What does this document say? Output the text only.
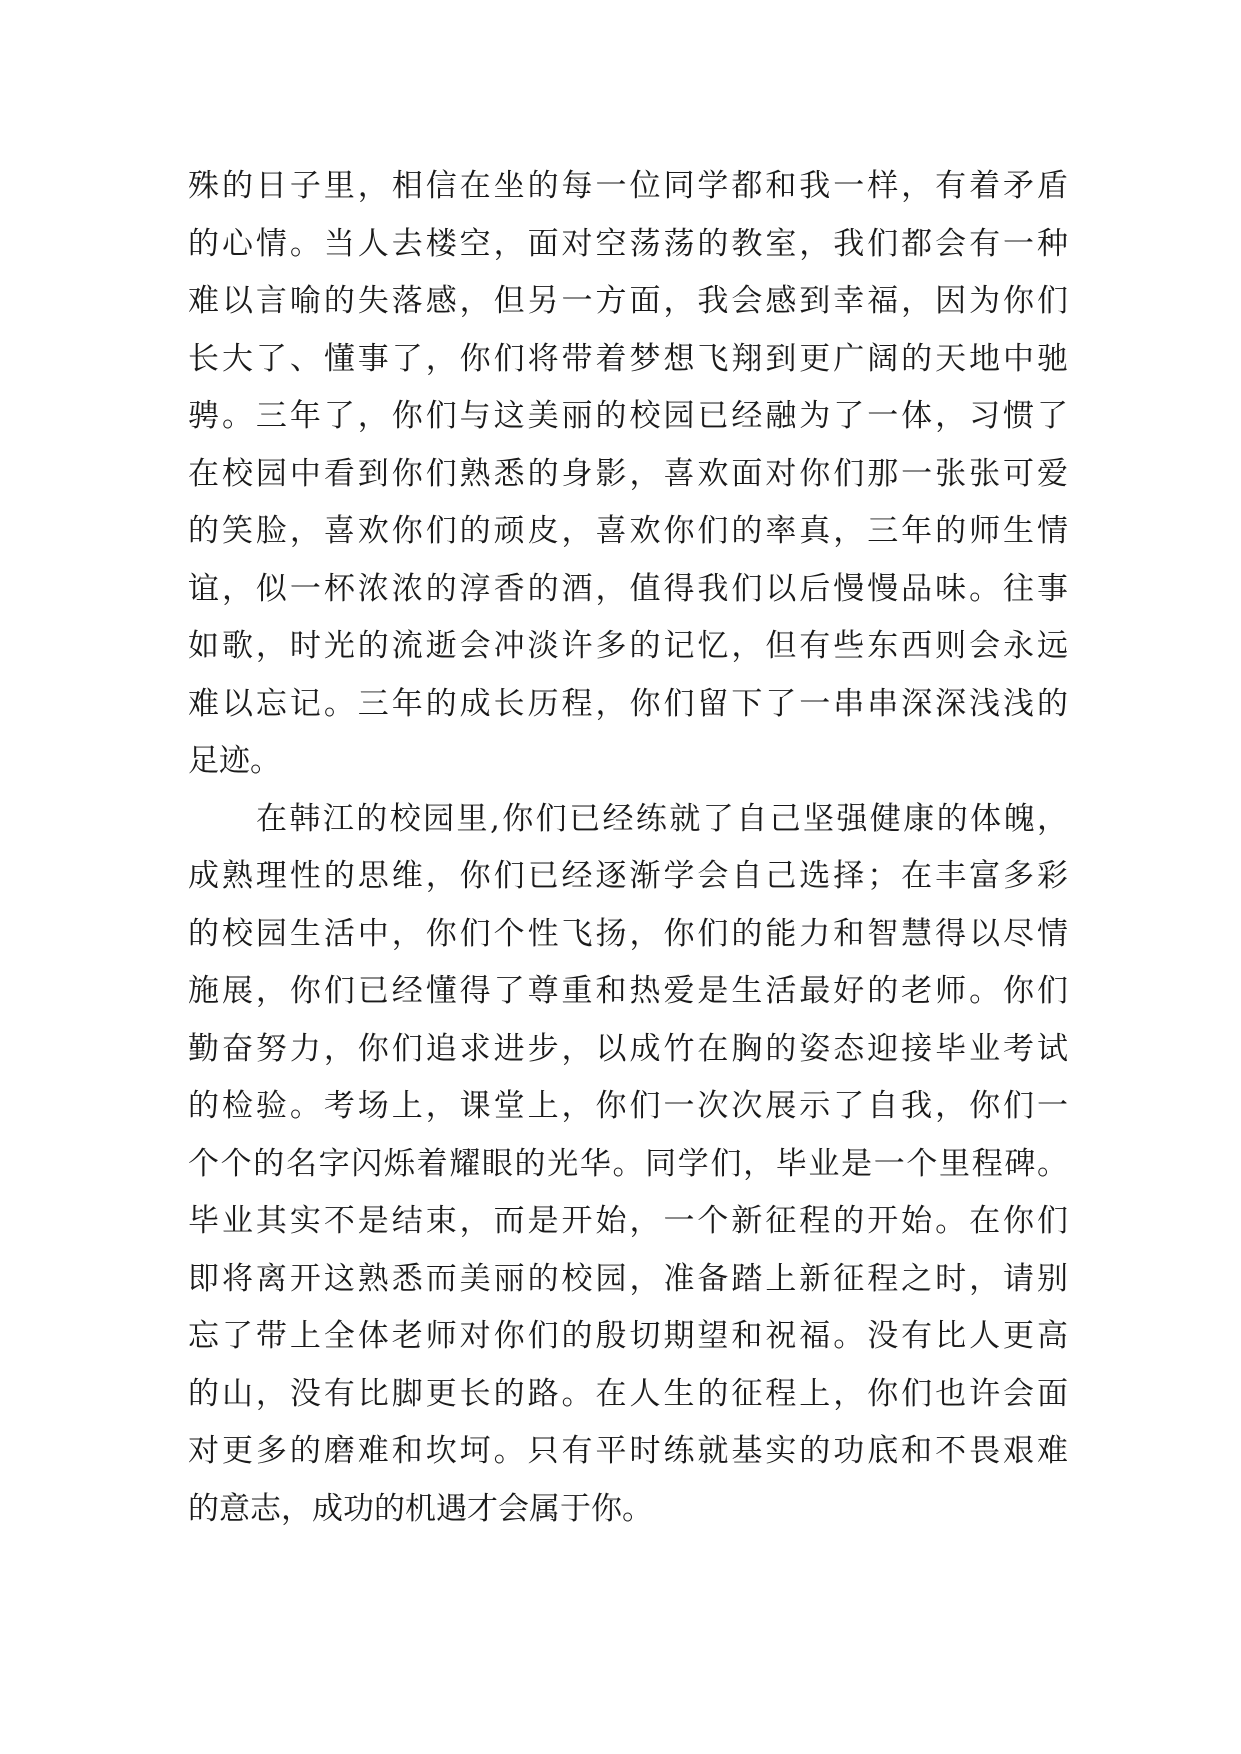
殊的日子里，相信在坐的每一位同学都和我一样，有着矛盾
的心情。当人去楼空，面对空荡荡的教室，我们都会有一种
难以言喻的失落感，但另一方面，我会感到幸福，因为你们
长大了、懂事了，你们将带着梦想飞翔到更广阔的天地中驰
骋。三年了，你们与这美丽的校园已经融为了一体，习惯了
在校园中看到你们熟悉的身影，喜欢面对你们那一张张可爱
的笑脸，喜欢你们的顽皮，喜欢你们的率真，三年的师生情
谊，似一杯浓浓的淳香的酒，值得我们以后慢慢品味。往事
如歌，时光的流逝会冲淡许多的记忆，但有些东西则会永远
难以忘记。三年的成长历程，你们留下了一串串深深浅浅的
足迹。
在韩江的校园里,你们已经练就了自己坚强健康的体魄，
成熟理性的思维，你们已经逐渐学会自己选择；在丰富多彩
的校园生活中，你们个性飞扬，你们的能力和智慧得以尽情
施展，你们已经懂得了尊重和热爱是生活最好的老师。你们
勤奋努力，你们追求进步，以成竹在胸的姿态迎接毕业考试
的检验。考场上，课堂上，你们一次次展示了自我，你们一
个个的名字闪烁着耀眼的光华。同学们，毕业是一个里程碑。
毕业其实不是结束，而是开始，一个新征程的开始。在你们
即将离开这熟悉而美丽的校园，准备踏上新征程之时，请别
忘了带上全体老师对你们的殷切期望和祝福。没有比人更高
的山，没有比脚更长的路。在人生的征程上，你们也许会面
对更多的磨难和坎坷。只有平时练就基实的功底和不畏艰难
的意志，成功的机遇才会属于你。
